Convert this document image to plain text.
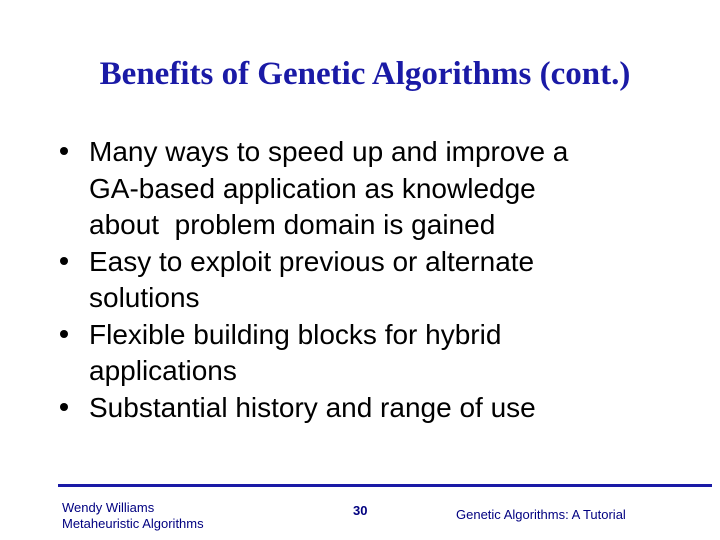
Benefits of Genetic Algorithms (cont.)
Many ways to speed up and improve a
GA-based application as knowledge
about  problem domain is gained
Easy to exploit previous or alternate
solutions
Flexible building blocks for hybrid
applications
Substantial history and range of use
Wendy Williams
Metaheuristic Algorithms
30	Genetic Algorithms: A Tutorial
